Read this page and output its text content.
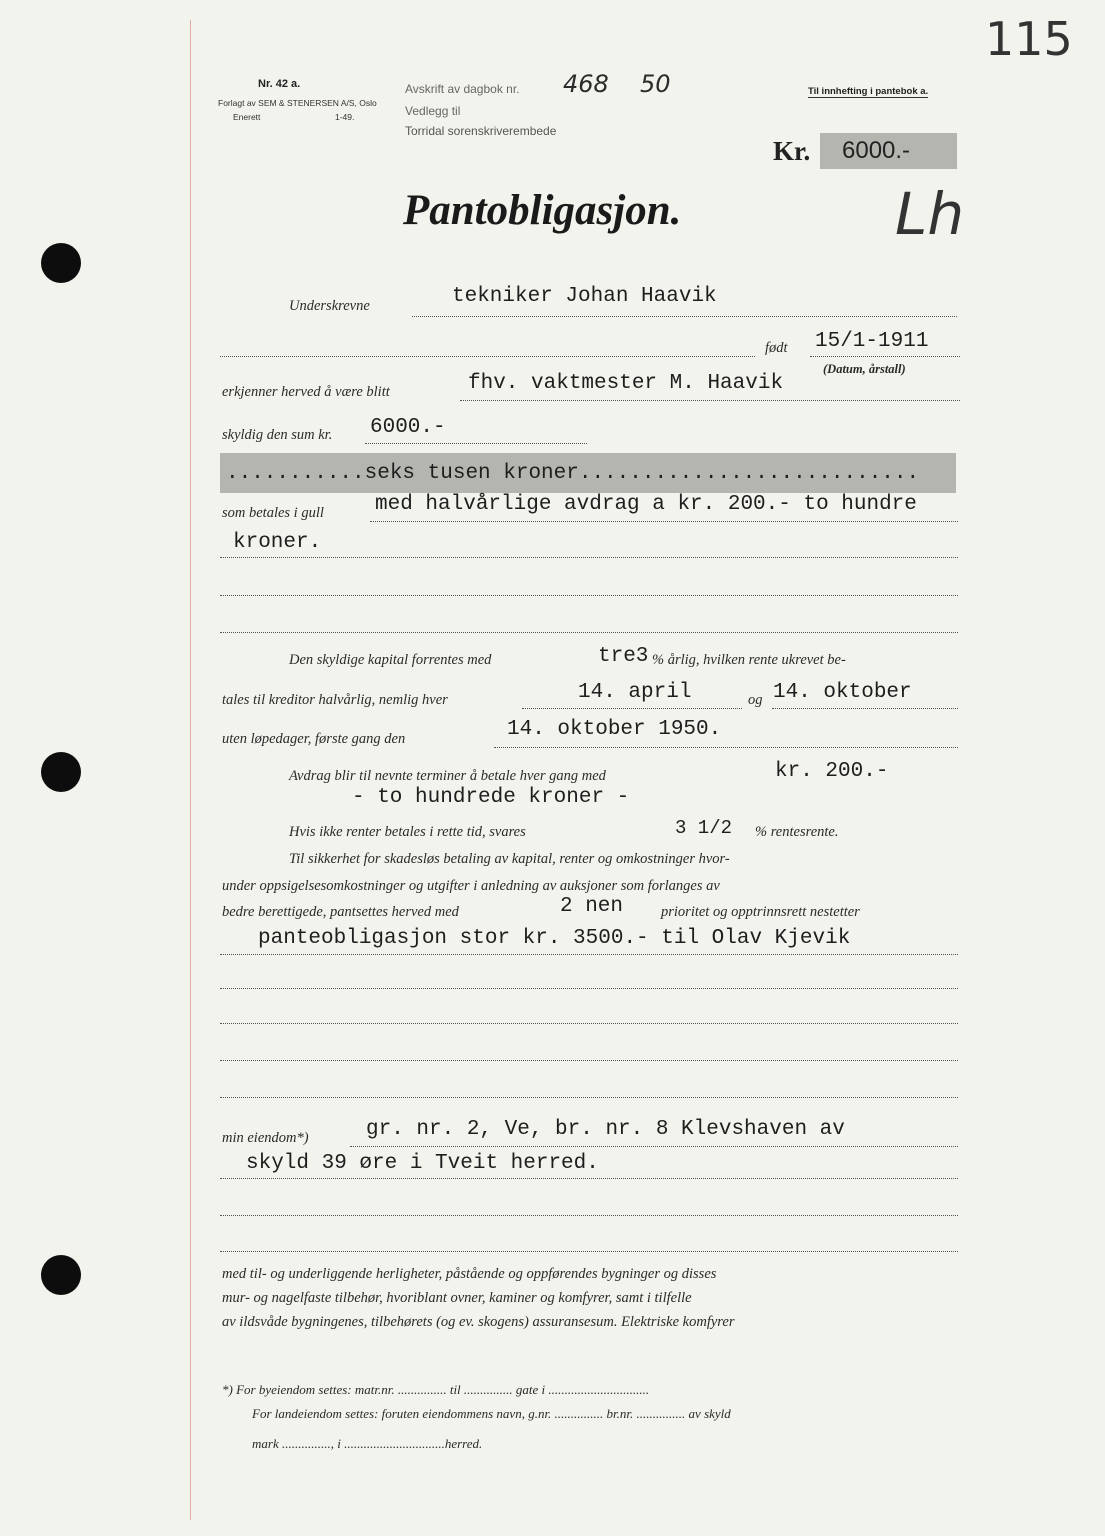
Nr. 42 a.
Forlagt av SEM & STENERSEN A/S, Oslo
Enerett	1-49.
Avskrift av dagbok nr. 468 50
Vedlegg til
Torridal sorenskriverembede
Til innhefting i pantebok a.
115
Kr. 6000.-
Lh
Pantobligasjon.
Underskrevne	tekniker Johan Haavik
født 15/1-1911
(Datum, årstall)
erkjenner herved å være blitt	fhv. vaktmester M. Haavik
skyldig den sum kr. 6000.-
...........seks tusen kroner...........................
som betales i gull med halvårlige avdrag a kr. 200.- to hundre
kroner.
Den skyldige kapital forrentes med	tre3 % årlig, hvilken rente ukrevet be-
tales til kreditor halvårlig, nemlig hver	14. april	og 14. oktober
uten løpedager, første gang den	14. oktober 1950.
Avdrag blir til nevnte terminer å betale hver gang med	kr. 200.-
- to hundrede kroner -
Hvis ikke renter betales i rette tid, svares	3 1/2 % rentesrente.
Til sikkerhet for skadesløs betaling av kapital, renter og omkostninger hvor-
under oppsigelsesomkostninger og utgifter i anledning av auksjoner som forlanges av
bedre berettigede, pantsettes herved med	2 nen	prioritet og opptrinnsrett nestetter
panteobligasjon stor kr. 3500.- til Olav Kjevik
min eiendom*)	gr. nr. 2, Ve, br. nr. 8 Klevshaven av
skyld 39 øre i Tveit herred.
med til- og underliggende herligheter, påstående og oppførendes bygninger og disses
mur- og nagelfaste tilbehør, hvoriblant ovner, kaminer og komfyrer, samt i tilfelle
av ildsvåde bygningenes, tilbehørets (og ev. skogens) assuransesum. Elektriske komfyrer
*) For byeiendom settes: matr.nr. ............... til ............... gate i ...............................
For landeiendom settes: foruten eiendommens navn, g.nr. ............... br.nr. ............... av skyld
mark ..............., i ...............................herred.
